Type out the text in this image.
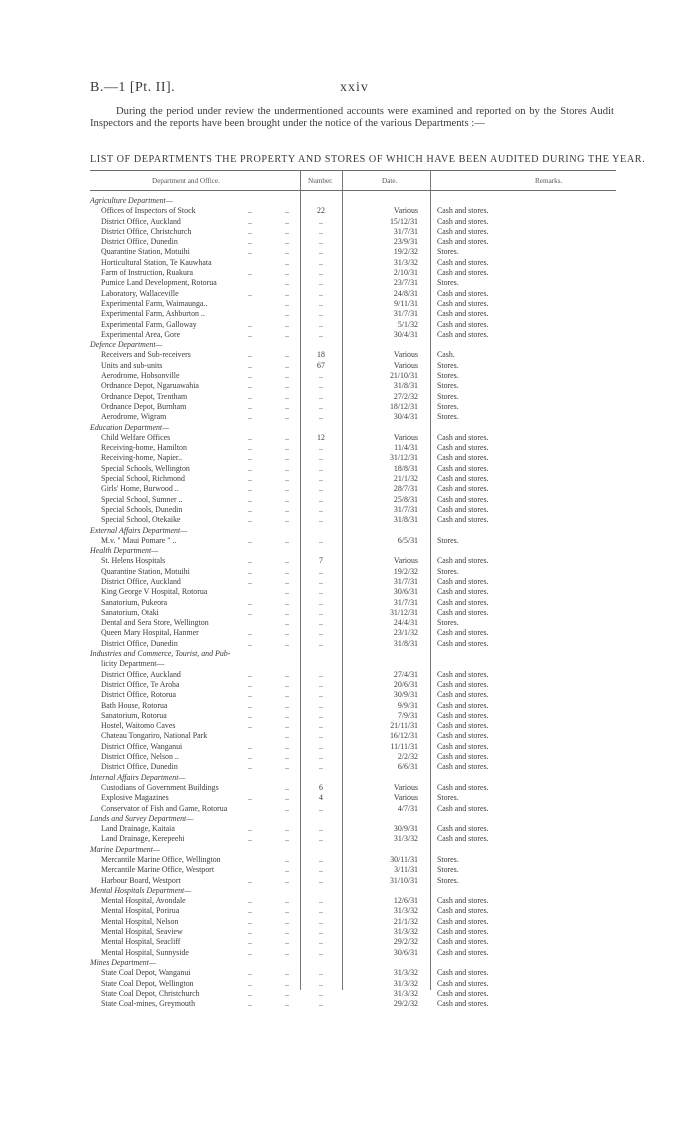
B.—1 [Pt. II].	xxiv
During the period under review the undermentioned accounts were examined and reported on by the Stores Audit Inspectors and the reports have been brought under the notice of the various Departments :—
LIST OF DEPARTMENTS THE PROPERTY AND STORES OF WHICH HAVE BEEN AUDITED DURING THE YEAR.
Department and Office.	Number.	Date.	Remarks.
Agriculture Department—
Offices of Inspectors of Stock	..	..	22	Various Cash and stores.
District Office, Auckland	..	..	..	15/12/31 Cash and stores.
District Office, Christchurch	..	..	..	31/7/31 Cash and stores.
District Office, Dunedin	..	..	..	23/9/31 Cash and stores.
Quarantine Station, Motuihi	..	..	..	19/2/32 Stores.
Horticultural Station, Te Kauwhata	..	..	31/3/32 Cash and stores.
Farm of Instruction, Ruakura	..	..	..	2/10/31 Cash and stores.
Pumice Land Development, Rotorua	..	..	23/7/31 Stores.
Laboratory, Wallaceville	..	..	..	24/8/31 Cash and stores.
Experimental Farm, Waimaunga..	..	..	9/11/31 Cash and stores.
Experimental Farm, Ashburton ..	..	..	31/7/31 Cash and stores.
Experimental Farm, Galloway	..	..	..	5/1/32 Cash and stores.
Experimental Area, Gore	..	..	..	30/4/31 Cash and stores.
Defence Department—
Receivers and Sub-receivers	..	..	18	Various Cash.
Units and sub-units	..	..	67	Various Stores.
Aerodrome, Hobsonville	..	..	..	21/10/31 Stores.
Ordnance Depot, Ngaruawahia	..	..	..	31/8/31 Stores.
Ordnance Depot, Trentham	..	..	..	27/2/32 Stores.
Ordnance Depot, Burnham	..	..	..	18/12/31 Stores.
Aerodrome, Wigram	..	..	..	30/4/31 Stores.
Education Department—
Child Welfare Offices	..	..	12	Various Cash and stores.
Receiving-home, Hamilton	..	..	..	11/4/31 Cash and stores.
Receiving-home, Napier..	..	..	..	31/12/31 Cash and stores.
Special Schools, Wellington	..	..	..	18/8/31 Cash and stores.
Special School, Richmond	..	..	..	21/1/32 Cash and stores.
Girls' Home, Burwood ..	..	..	..	28/7/31 Cash and stores.
Special School, Sumner ..	..	..	..	25/8/31 Cash and stores.
Special Schools, Dunedin	..	..	..	31/7/31 Cash and stores.
Special School, Otekaike	..	..	..	31/8/31 Cash and stores.
External Affairs Department—
M.v. " Maui Pomare " ..	..	..	..	6/5/31 Stores.
Health Department—
St. Helens Hospitals	..	..	7	Various Cash and stores.
Quarantine Station, Motuihi	..	..	..	19/2/32 Stores.
District Office, Auckland	..	..	..	31/7/31 Cash and stores.
King George V Hospital, Rotorua	..	..	30/6/31 Cash and stores.
Sanatorium, Pukeora	..	..	..	31/7/31 Cash and stores.
Sanatorium, Otaki	..	..	..	31/12/31 Cash and stores.
Dental and Sera Store, Wellington	..	..	24/4/31 Stores.
Queen Mary Hospital, Hanmer	..	..	..	23/1/32 Cash and stores.
District Office, Dunedin	..	..	..	31/8/31 Cash and stores.
Industries and Commerce, Tourist, and Pub-
licity Department—
District Office, Auckland	..	..	..	27/4/31 Cash and stores.
District Office, Te Aroha	..	..	..	20/6/31 Cash and stores.
District Office, Rotorua	..	..	..	30/9/31 Cash and stores.
Bath House, Rotorua	..	..	..	9/9/31 Cash and stores.
Sanatorium, Rotorua	..	..	..	7/9/31 Cash and stores.
Hostel, Waitomo Caves	..	..	..	21/11/31 Cash and stores.
Chateau Tongariro, National Park	..	..	16/12/31 Cash and stores.
District Office, Wanganui	..	..	..	11/11/31 Cash and stores.
District Office, Nelson ..	..	..	..	2/2/32 Cash and stores.
District Office, Dunedin	..	..	..	6/6/31 Cash and stores.
Internal Affairs Department—
Custodians of Government Buildings	..	6	Various Cash and stores.
Explosive Magazines	..	..	4	Various Stores.
Conservator of Fish and Game, Rotorua	..	..	4/7/31 Cash and stores.
Lands and Survey Department—
Land Drainage, Kaitaia	..	..	..	30/9/31 Cash and stores.
Land Drainage, Kerepeehi	..	..	..	31/3/32 Cash and stores.
Marine Department—
Mercantile Marine Office, Wellington	..	..	30/11/31 Stores.
Mercantile Marine Office, Westport	..	..	3/11/31 Stores.
Harbour Board, Westport	..	..	..	31/10/31 Stores.
Mental Hospitals Department—
Mental Hospital, Avondale	..	..	..	12/6/31 Cash and stores.
Mental Hospital, Porirua	..	..	..	31/3/32 Cash and stores.
Mental Hospital, Nelson	..	..	..	21/1/32 Cash and stores.
Mental Hospital, Seaview	..	..	..	31/3/32 Cash and stores.
Mental Hospital, Seacliff	..	..	..	29/2/32 Cash and stores.
Mental Hospital, Sunnyside	..	..	..	30/6/31 Cash and stores.
Mines Department—
State Coal Depot, Wanganui	..	..	..	31/3/32 Cash and stores.
State Coal Depot, Wellington	..	..	..	31/3/32 Cash and stores.
State Coal Depot, Christchurch	..	..	..	31/3/32 Cash and stores.
State Coal-mines, Greymouth	..	..	..	29/2/32 Cash and stores.
